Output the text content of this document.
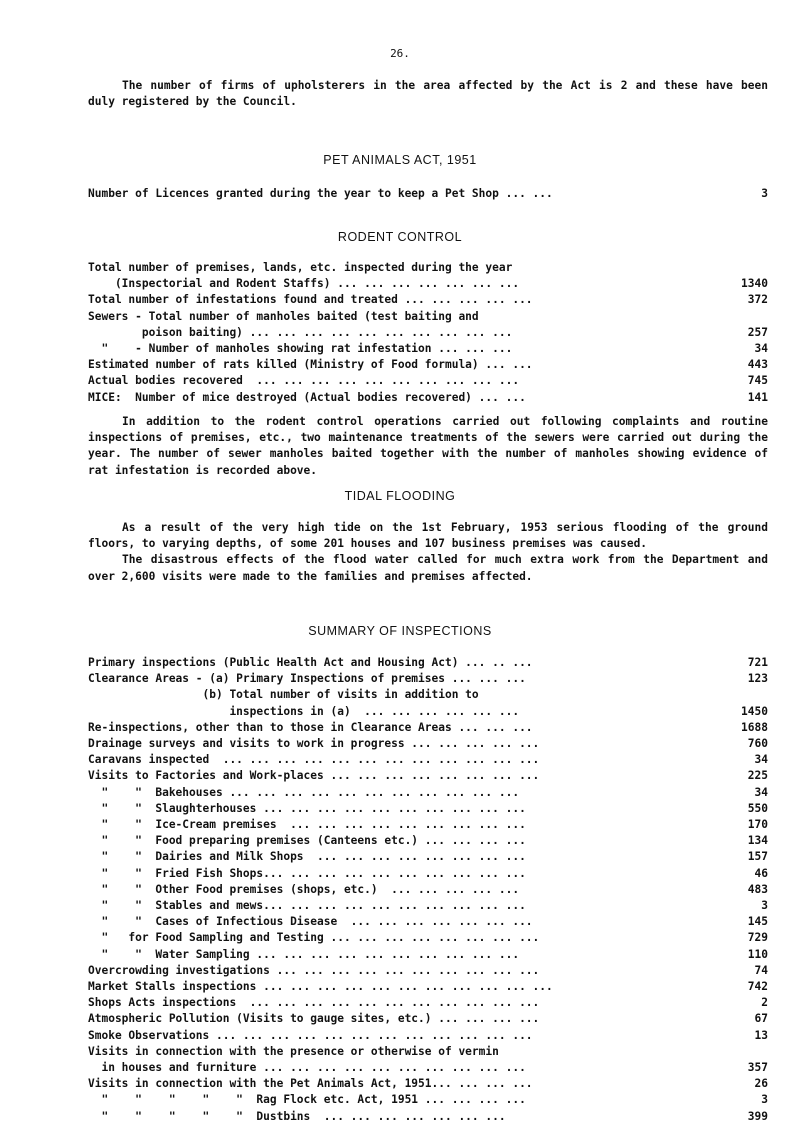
26.
The number of firms of upholsterers in the area affected by the Act is 2 and these have been duly registered by the Council.
PET ANIMALS ACT, 1951
Number of Licences granted during the year to keep a Pet Shop ... ...	3
RODENT CONTROL
Total number of premises, lands, etc. inspected during the year
(Inspectorial and Rodent Staffs) ... ... ... ... ... ... ...	1340
Total number of infestations found and treated ... ... ... ... ...	372
Sewers - Total number of manholes baited (test baiting and
poison baiting) ... ... ... ... ... ... ... ... ... ...	257
"    - Number of manholes showing rat infestation ... ... ...	34
Estimated number of rats killed (Ministry of Food formula) ... ...	443
Actual bodies recovered  ... ... ... ... ... ... ... ... ... ...	745
MICE:  Number of mice destroyed (Actual bodies recovered) ... ...	141
In addition to the rodent control operations carried out following complaints and routine inspections of premises, etc., two maintenance treatments of the sewers were carried out during the year. The number of sewer manholes baited together with the number of manholes showing evidence of rat infestation is recorded above.
TIDAL FLOODING

As a result of the very high tide on the 1st February, 1953 serious flooding of the ground floors, to varying depths, of some 201 houses and 107 business premises was caused.

The disastrous effects of the flood water called for much extra work from the Department and over 2,600 visits were made to the families and premises affected.

SUMMARY OF INSPECTIONS
Primary inspections (Public Health Act and Housing Act) ... .. ...	721
Clearance Areas - (a) Primary Inspections of premises ... ... ...	123
(b) Total number of visits in addition to
inspections in (a)  ... ... ... ... ... ...	1450
Re-inspections, other than to those in Clearance Areas ... ... ...	1688
Drainage surveys and visits to work in progress ... ... ... ... ...	760
Caravans inspected  ... ... ... ... ... ... ... ... ... ... ... ...	34
Visits to Factories and Work-places ... ... ... ... ... ... ... ...	225
"    "  Bakehouses ... ... ... ... ... ... ... ... ... ... ...	34
"    "  Slaughterhouses ... ... ... ... ... ... ... ... ... ...	550
"    "  Ice-Cream premises  ... ... ... ... ... ... ... ... ...	170
"    "  Food preparing premises (Canteens etc.) ... ... ... ...	134
"    "  Dairies and Milk Shops  ... ... ... ... ... ... ... ...	157
"    "  Fried Fish Shops... ... ... ... ... ... ... ... ... ...	46
"    "  Other Food premises (shops, etc.)  ... ... ... ... ...	483
"    "  Stables and mews... ... ... ... ... ... ... ... ... ...	3
"    "  Cases of Infectious Disease  ... ... ... ... ... ... ...	145
"   for Food Sampling and Testing ... ... ... ... ... ... ... ...	729
"    "  Water Sampling ... ... ... ... ... ... ... ... ... ...	110
Overcrowding investigations ... ... ... ... ... ... ... ... ... ...	74
Market Stalls inspections ... ... ... ... ... ... ... ... ... ... ...	742
Shops Acts inspections  ... ... ... ... ... ... ... ... ... ... ...	2
Atmospheric Pollution (Visits to gauge sites, etc.) ... ... ... ...	67
Smoke Observations ... ... ... ... ... ... ... ... ... ... ... ...	13
Visits in connection with the presence or otherwise of vermin
in houses and furniture ... ... ... ... ... ... ... ... ... ...	357
Visits in connection with the Pet Animals Act, 1951... ... ... ...	26
"    "    "    "    "  Rag Flock etc. Act, 1951 ... ... ... ...	3
"    "    "    "    "  Dustbins  ... ... ... ... ... ... ...	399
